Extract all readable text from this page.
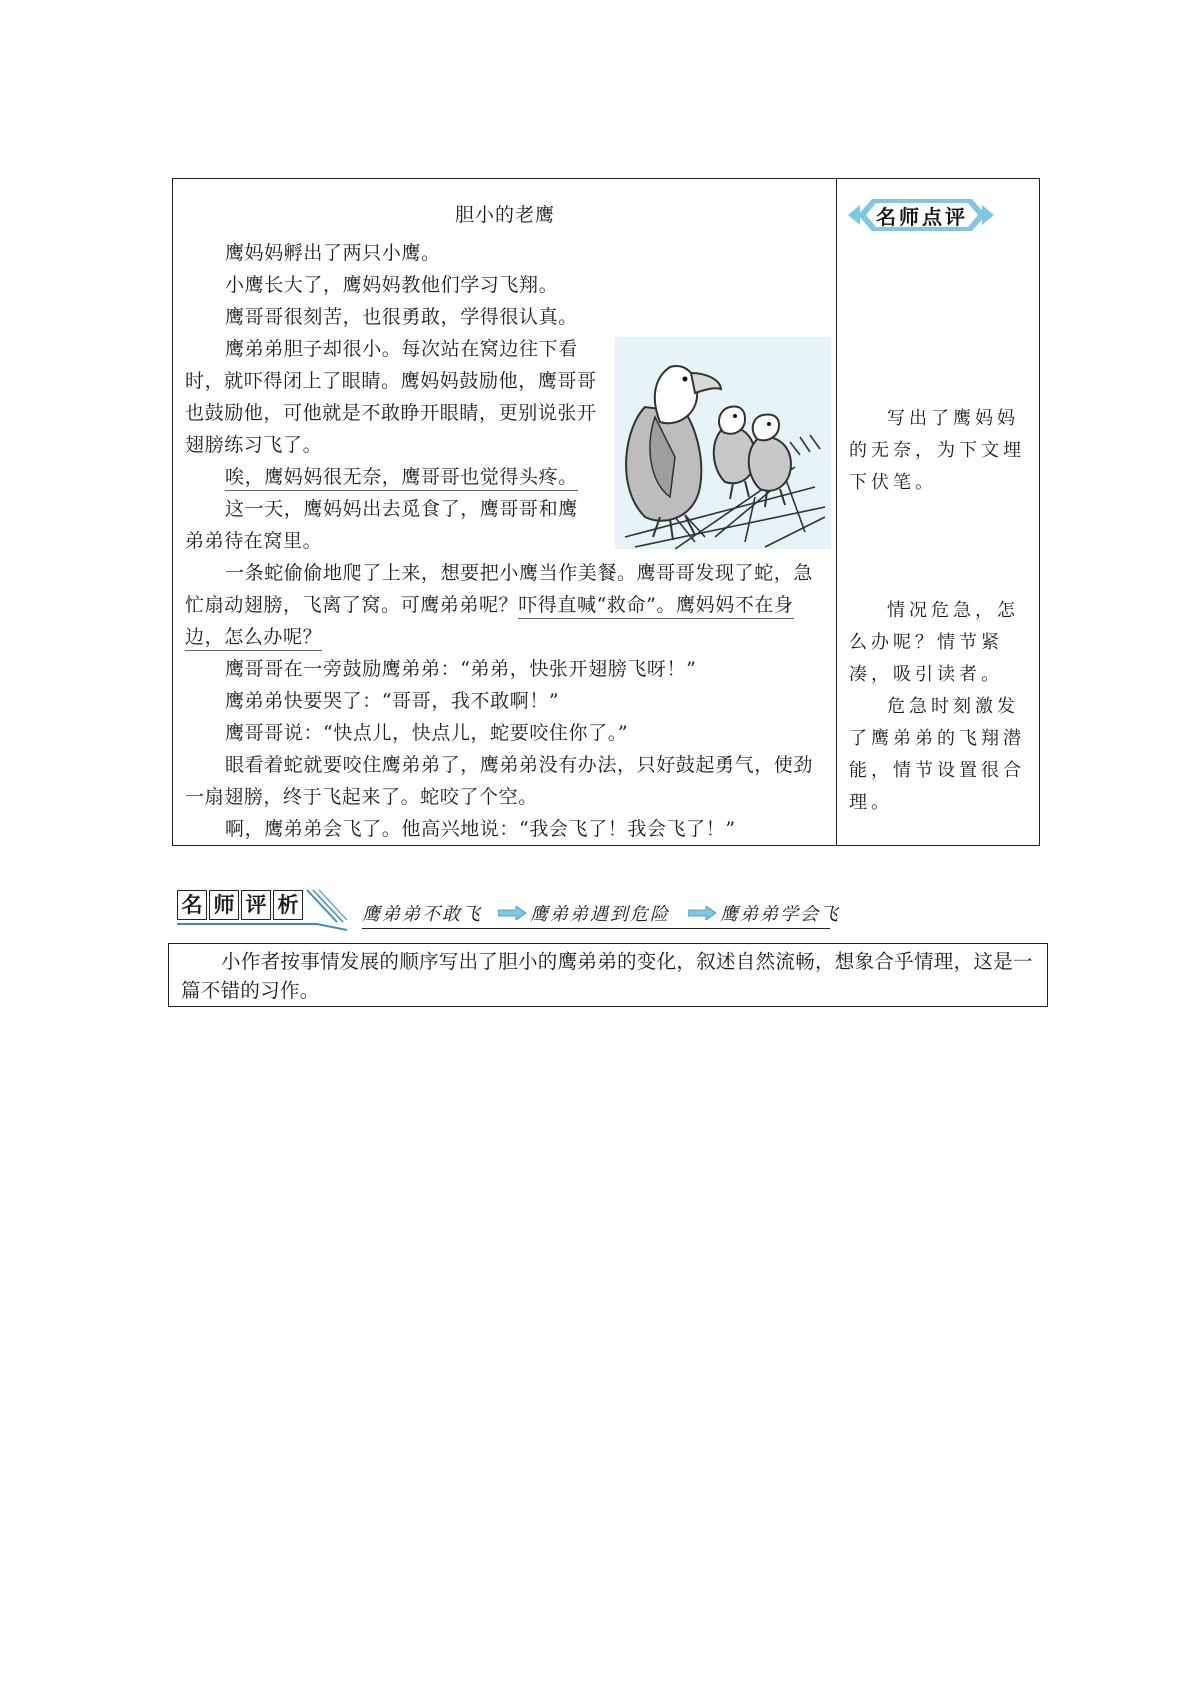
胆小的老鹰

鹰妈妈孵出了两只小鹰。

小鹰长大了，鹰妈妈教他们学习飞翔。

鹰哥哥很刻苦，也很勇敢，学得很认真。

鹰弟弟胆子却很小。每次站在窝边往下看时，就吓得闭上了眼睛。鹰妈妈鼓励他，鹰哥哥也鼓励他，可他就是不敢睁开眼睛，更别说张开翅膀练习飞了。

唉，鹰妈妈很无奈，鹰哥哥也觉得头疼。

这一天，鹰妈妈出去觅食了，鹰哥哥和鹰弟弟待在窝里。

一条蛇偷偷地爬了上来，想要把小鹰当作美餐。鹰哥哥发现了蛇，急忙扇动翅膀，飞离了窝。可鹰弟弟呢？吓得直喊“救命”。鹰妈妈不在身边，怎么办呢？

鹰哥哥在一旁鼓励鹰弟弟：“弟弟，快张开翅膀飞呀！”

鹰弟弟快要哭了：“哥哥，我不敢啊！”

鹰哥哥说：“快点儿，快点儿，蛇要咬住你了。”

眼看着蛇就要咬住鹰弟弟了，鹰弟弟没有办法，只好鼓起勇气，使劲一扇翅膀，终于飞起来了。蛇咬了个空。

啊，鹰弟弟会飞了。他高兴地说：“我会飞了！我会飞了！”

名师点评

写出了鹰妈妈的无奈，为下文埋下伏笔。

情况危急，怎么办呢？情节紧凑，吸引读者。

危急时刻激发了鹰弟弟的飞翔潜能，情节设置很合理。

名 师 评 析	鹰弟弟不敢飞	鹰弟弟遇到危险	鹰弟弟学会飞

小作者按事情发展的顺序写出了胆小的鹰弟弟的变化，叙述自然流畅，想象合乎情理，这是一篇不错的习作。
